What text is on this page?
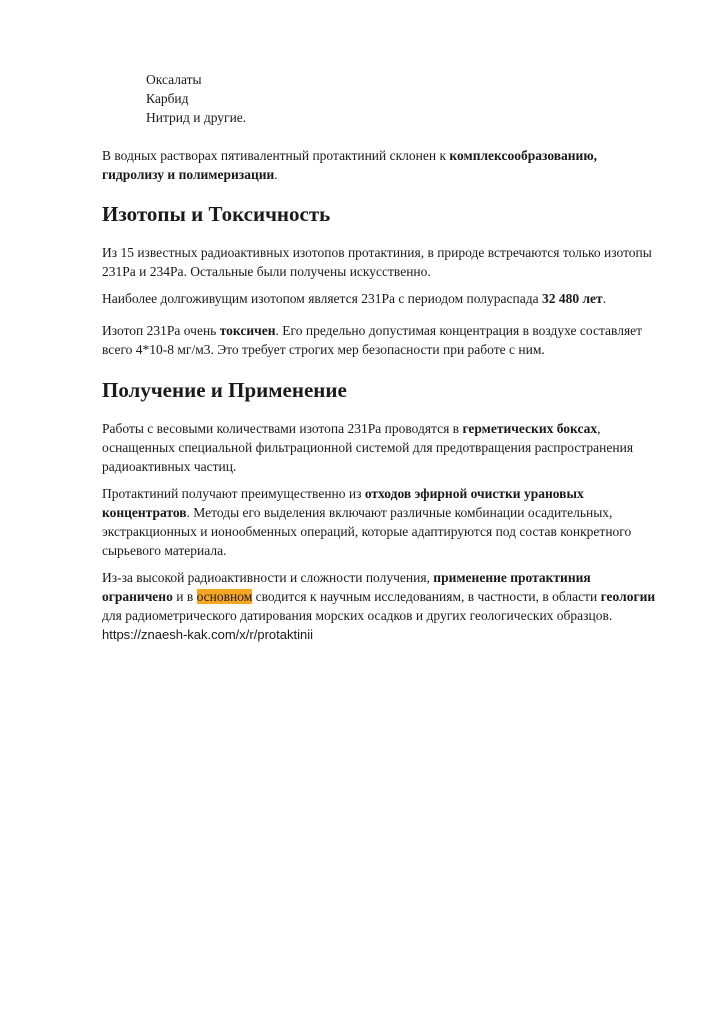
Оксалаты
Карбид
Нитрид и другие.

В водных растворах пятивалентный протактиний склонен к комплексообразованию, гидролизу и полимеризации.

Изотопы и Токсичность

Из 15 известных радиоактивных изотопов протактиния, в природе встречаются только изотопы 231Pa и 234Pa. Остальные были получены искусственно.

Наиболее долгоживущим изотопом является 231Pa с периодом полураспада 32 480 лет.

Изотоп 231Pa очень токсичен. Его предельно допустимая концентрация в воздухе составляет всего 4*10-8 мг/м3. Это требует строгих мер безопасности при работе с ним.

Получение и Применение

Работы с весовыми количествами изотопа 231Pa проводятся в герметических боксах, оснащенных специальной фильтрационной системой для предотвращения распространения радиоактивных частиц.

Протактиний получают преимущественно из отходов эфирной очистки урановых концентратов. Методы его выделения включают различные комбинации осадительных, экстракционных и ионообменных операций, которые адаптируются под состав конкретного сырьевого материала.

Из-за высокой радиоактивности и сложности получения, применение протактиния ограничено и в основном сводится к научным исследованиям, в частности, в области геологии для радиометрического датирования морских осадков и других геологических образцов. https://znaesh-kak.com/x/r/protaktinii
